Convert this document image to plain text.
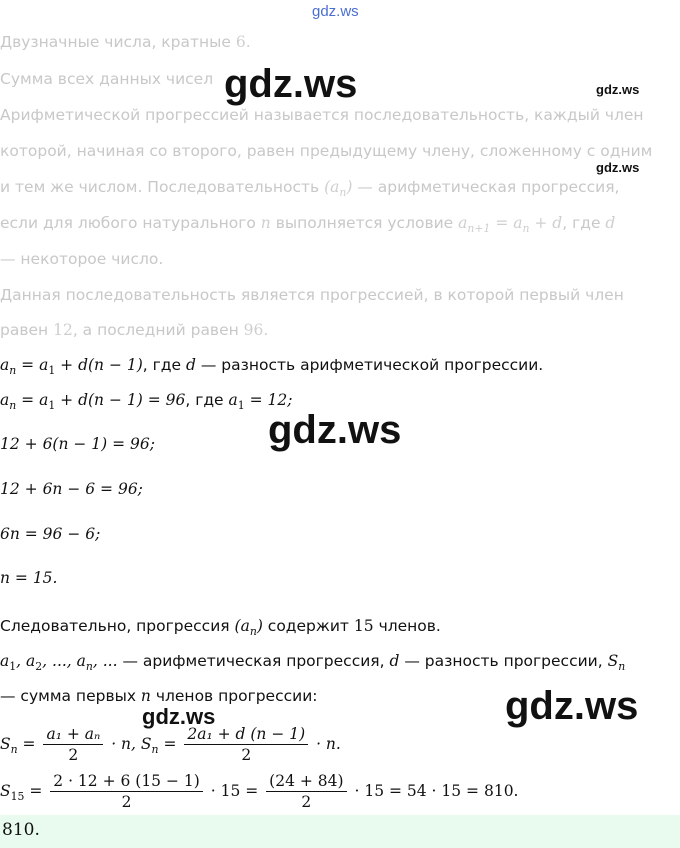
gdz.ws
gdz.ws	gdz.ws
gdz.ws
gdz.ws
gdz.ws
gdz.ws
Двузначные числа, кратные 6.
Сумма всех данных чисел
Арифметической прогрессией называется последовательность, каждый член
которой, начиная со второго, равен предыдущему члену, сложенному с одним
и тем же числом. Последовательность $(a_n)$ — арифметическая прогрессия,
если для любого натурального n выполняется условие $a_{n+1} = a_n + d$, где d
— некоторое число.
Данная последовательность является прогрессией, в которой первый член
равен 12, а последний равен 96.
$a_n = a_1 + d(n - 1)$, где d — разность арифметической прогрессии.
$a_n = a_1 + d(n - 1) = 96$, где $a_1 = 12$;
12 + 6(n − 1) = 96;
12 + 6n − 6 = 96;
6n = 96 − 6;
n = 15.
Следовательно, прогрессия $(a_n)$ содержит 15 членов.
$a_1$, $a_2$, ..., $a_n$, ... — арифметическая прогрессия, d — разность прогрессии, $S_n$
— сумма первых n членов прогрессии:
$S_n = \frac{\text{a₁ + aₙ}}{2} \cdot n$, $S_n = \frac{\text{2a₁ + d (n − 1)}}{2} \cdot n$.
$S_{15} = \frac{2 \cdot 12 + 6 (15 - 1)}{2} \cdot 15 = \frac{(24 + 84)}{2} \cdot 15 = 54 \cdot 15 = 810$.
810.
